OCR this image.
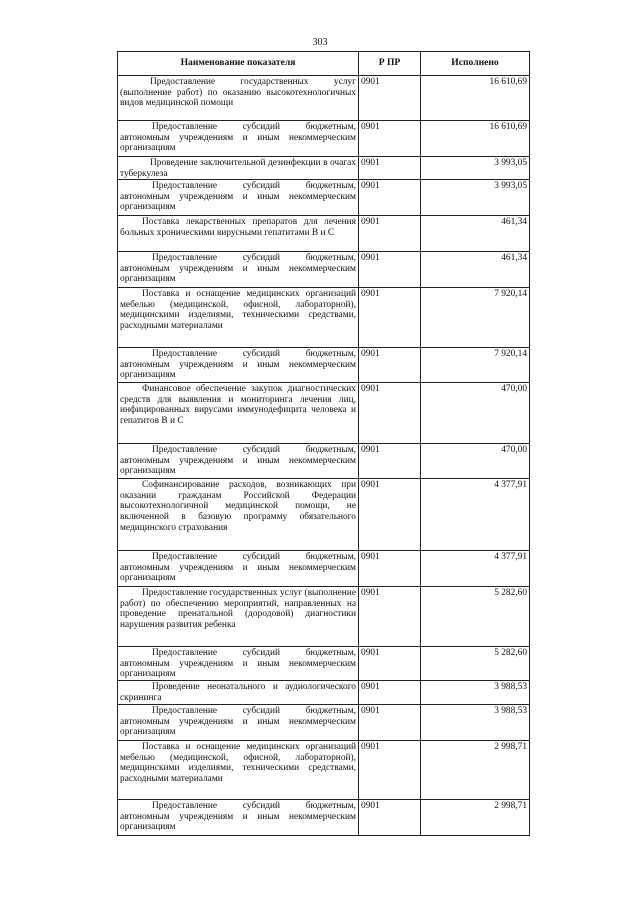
303
Наименование показателя	Р ПР	Исполнено
Предоставление государственных услуг (выполнение работ) по оказанию высокотехнологичных видов медицинской помощи	0901	16 610,69
Предоставление субсидий бюджетным, автономным учреждениям и иным некоммерческим организациям	0901	16 610,69
Проведение заключительной дезинфекции в очагах туберкулеза	0901	3 993,05
Предоставление субсидий бюджетным, автономным учреждениям и иным некоммерческим организациям	0901	3 993,05
Поставка лекарственных препаратов для лечения больных хроническими вирусными гепатитами В и С	0901	461,34
Предоставление субсидий бюджетным, автономным учреждениям и иным некоммерческим организациям	0901	461,34
Поставка и оснащение медицинских организаций мебелью (медицинской, офисной, лабораторной), медицинскими изделиями, техническими средствами, расходными материалами	0901	7 920,14
Предоставление субсидий бюджетным, автономным учреждениям и иным некоммерческим организациям	0901	7 920,14
Финансовое обеспечение закупок диагностических средств для выявления и мониторинга лечения лиц, инфицированных вирусами иммунодефицита человека и гепатитов В и С	0901	470,00
Предоставление субсидий бюджетным, автономным учреждениям и иным некоммерческим организациям	0901	470,00
Софинансирование расходов, возникающих при оказании гражданам Российской Федерации высокотехнологичной медицинской помощи, не включенной в базовую программу обязательного медицинского страхования	0901	4 377,91
Предоставление субсидий бюджетным, автономным учреждениям и иным некоммерческим организациям	0901	4 377,91
Предоставление государственных услуг (выполнение работ) по обеспечению мероприятий, направленных на проведение пренатальной (дородовой) диагностики нарушения развития ребенка	0901	5 282,60
Предоставление субсидий бюджетным, автономным учреждениям и иным некоммерческим организациям	0901	5 282,60
Проведение неонатального и аудиологического скрининга	0901	3 988,53
Предоставление субсидий бюджетным, автономным учреждениям и иным некоммерческим организациям	0901	3 988,53
Поставка и оснащение медицинских организаций мебелью (медицинской, офисной, лабораторной), медицинскими изделиями, техническими средствами, расходными материалами	0901	2 998,71
Предоставление субсидий бюджетным, автономным учреждениям и иным некоммерческим организациям	0901	2 998,71
